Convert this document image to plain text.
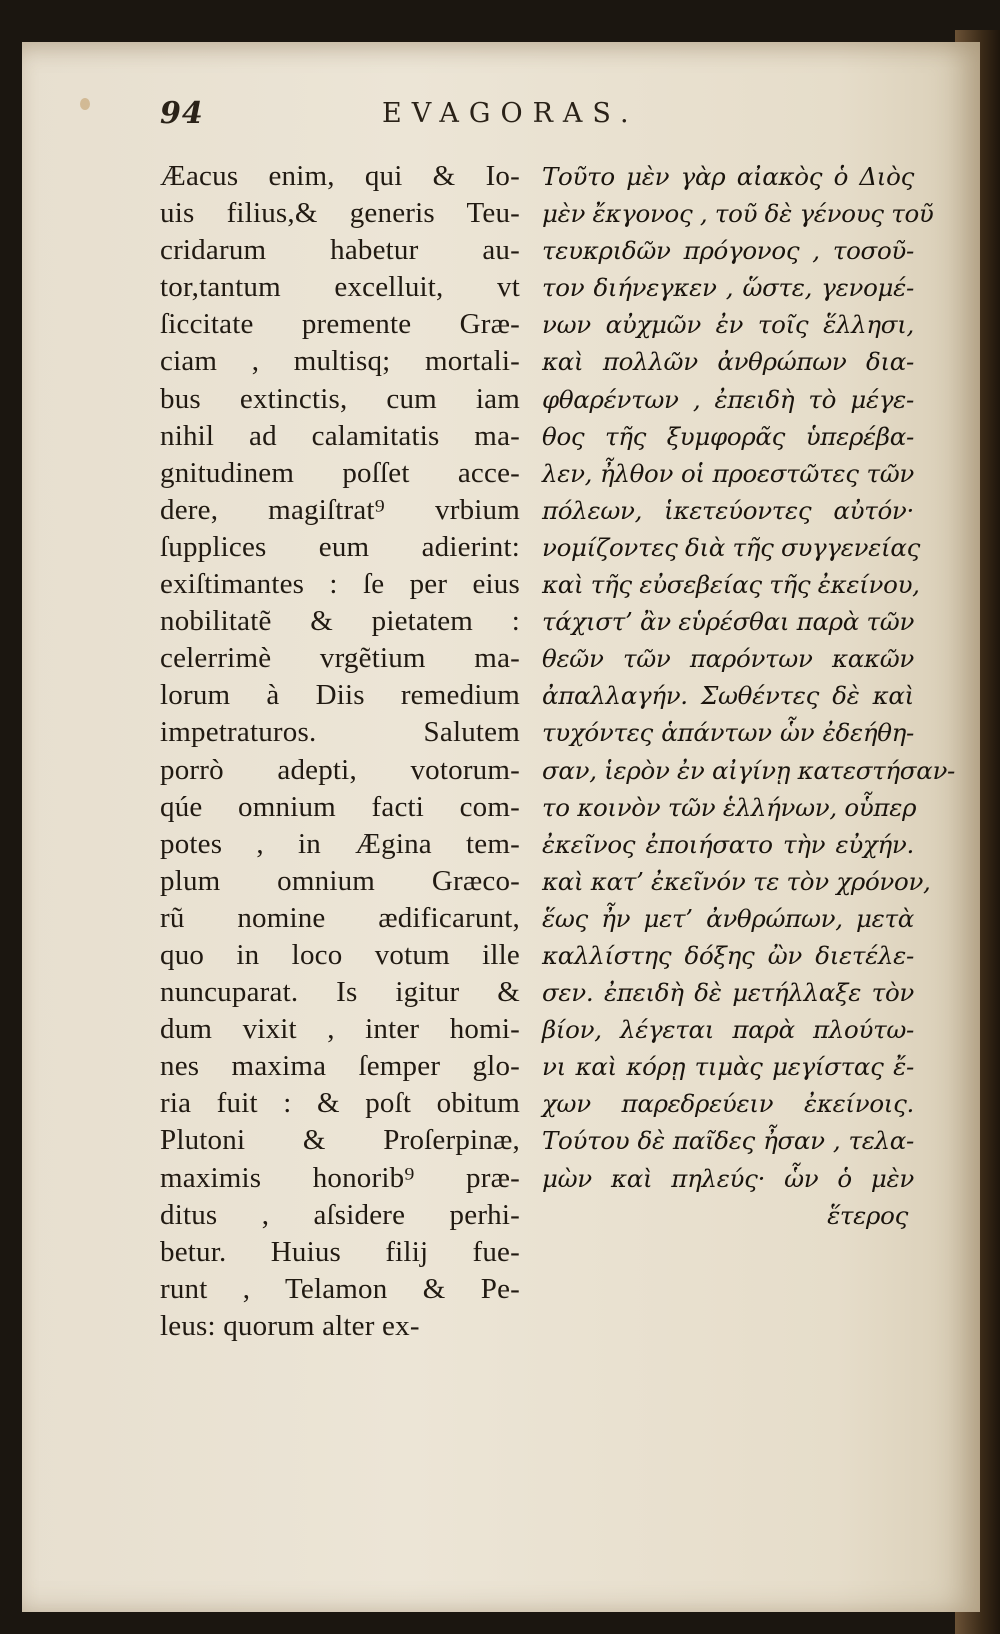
94	EVAGORAS.
Æacus enim, qui & Io-
uis filius,& generis Teu-
cridarum habetur au-
tor,tantum excelluit, vt
ſiccitate premente Græ-
ciam , multisq; mortali-
bus extinctis, cum iam
nihil ad calamitatis ma-
gnitudinem poſſet acce-
dere, magiſtrat⁹ vrbium
ſupplices eum adierint:
exiſtimantes : ſe per eius
nobilitatẽ & pietatem :
celerrimè vrgẽtium ma-
lorum à Diis remedium
impetraturos. Salutem
porrò adepti, votorum-
qúe omnium facti com-
potes , in Ægina tem-
plum omnium Græco-
rũ nomine ædificarunt,
quo in loco votum ille
nuncuparat. Is igitur &
dum vixit , inter homi-
nes maxima ſemper glo-
ria fuit : & poſt obitum
Plutoni & Proſerpinæ,
maximis honorib⁹ præ-
ditus , aſsidere perhi-
betur. Huius filij fue-
runt , Telamon & Pe-
leus: quorum alter ex-
Τοῦτο μὲν γὰρ αἰακὸς ὁ Διὸς
μὲν ἔκγονος , τοῦ δὲ γένους τοῦ
τευκριδῶν πρόγονος , τοσοῦ-
τον διήνεγκεν , ὥστε, γενομέ-
νων αὐχμῶν ἐν τοῖς ἕλλησι,
καὶ πολλῶν ἀνθρώπων δια-
φθαρέντων , ἐπειδὴ τὸ μέγε-
θος τῆς ξυμφορᾶς ὑπερέβα-
λεν, ἦλθον οἱ προεστῶτες τῶν
πόλεων, ἱκετεύοντες αὐτόν·
νομίζοντες διὰ τῆς συγγενείας
καὶ τῆς εὐσεβείας τῆς ἐκείνου,
τάχιστ’ ἂν εὑρέσθαι παρὰ τῶν
θεῶν τῶν παρόντων κακῶν
ἀπαλλαγήν. Σωθέντες δὲ καὶ
τυχόντες ἁπάντων ὧν ἐδεήθη-
σαν, ἱερὸν ἐν αἰγίνῃ κατεστήσαν-
το κοινὸν τῶν ἑλλήνων, οὗπερ
ἐκεῖνος ἐποιήσατο τὴν εὐχήν.
καὶ κατ’ ἐκεῖνόν τε τὸν χρόνον,
ἕως ἦν μετ’ ἀνθρώπων, μετὰ
καλλίστης δόξης ὢν διετέλε-
σεν. ἐπειδὴ δὲ μετήλλαξε τὸν
βίον, λέγεται παρὰ πλούτω-
νι καὶ κόρῃ τιμὰς μεγίστας ἔ-
χων παρεδρεύειν ἐκείνοις.
Τούτου δὲ παῖδες ἦσαν , τελα-
μὼν καὶ πηλεύς· ὧν ὁ μὲν
ἕτερος
